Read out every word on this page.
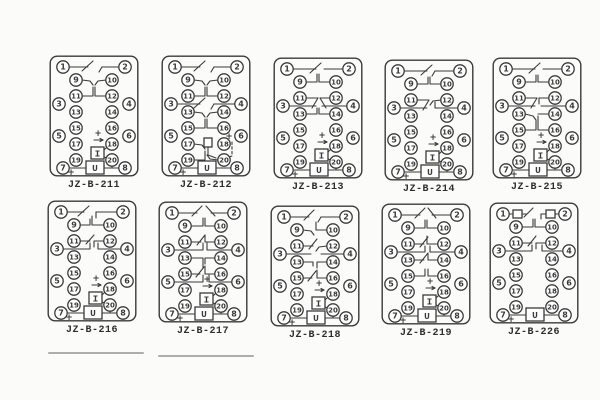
U
I
1	2
9	10
11	12
3	4
13	14
15	16
5	6
17	18
19	20
7	8
+
+
JZ-B-211
U
1	2
9	10
11	12
3	4
13	14
15	16
5	6
17	18
19	20
7	8
+
+
JZ-B-212
U
I
1	2
9	10
11	12
3	4
13	14
15	16
5	6
17	18
19	20
7	8
+
+
JZ-B-213
U
I
1	2
9	10
11	12
3	4
13	14
15	16
5	6
17	18
19	20
7	8
+
+
JZ-B-214
U
I
1	2
9	10
11	12
3	4
13	14
15	16
5	6
17	18
19	20
7	8
+
+
JZ-B-215
U
I
1	2
9	10
11	12
3	4
13	14
15	16
5	6
17	18
19	20
7	8
+
+
JZ-B-216
U
I
1	2
9	10
11	12
3	4
13	14
15	16
5	6
17	18
19	20
7	8
+
+
JZ-B-217
U
I
1	2
9	10
11	12
3	4
13	14
15	16
5	6
17	18
19	20
7	8
+
+
JZ-B-218
U
I
1	2
9	10
11	12
3	4
13	14
15	16
5	6
17	18
19	20
7	8
+
+
JZ-B-219
U
1	2
9	10
11	12
3	4
13	14
15	16
5	6
17	18
19	20
7	8
+
JZ-B-226
